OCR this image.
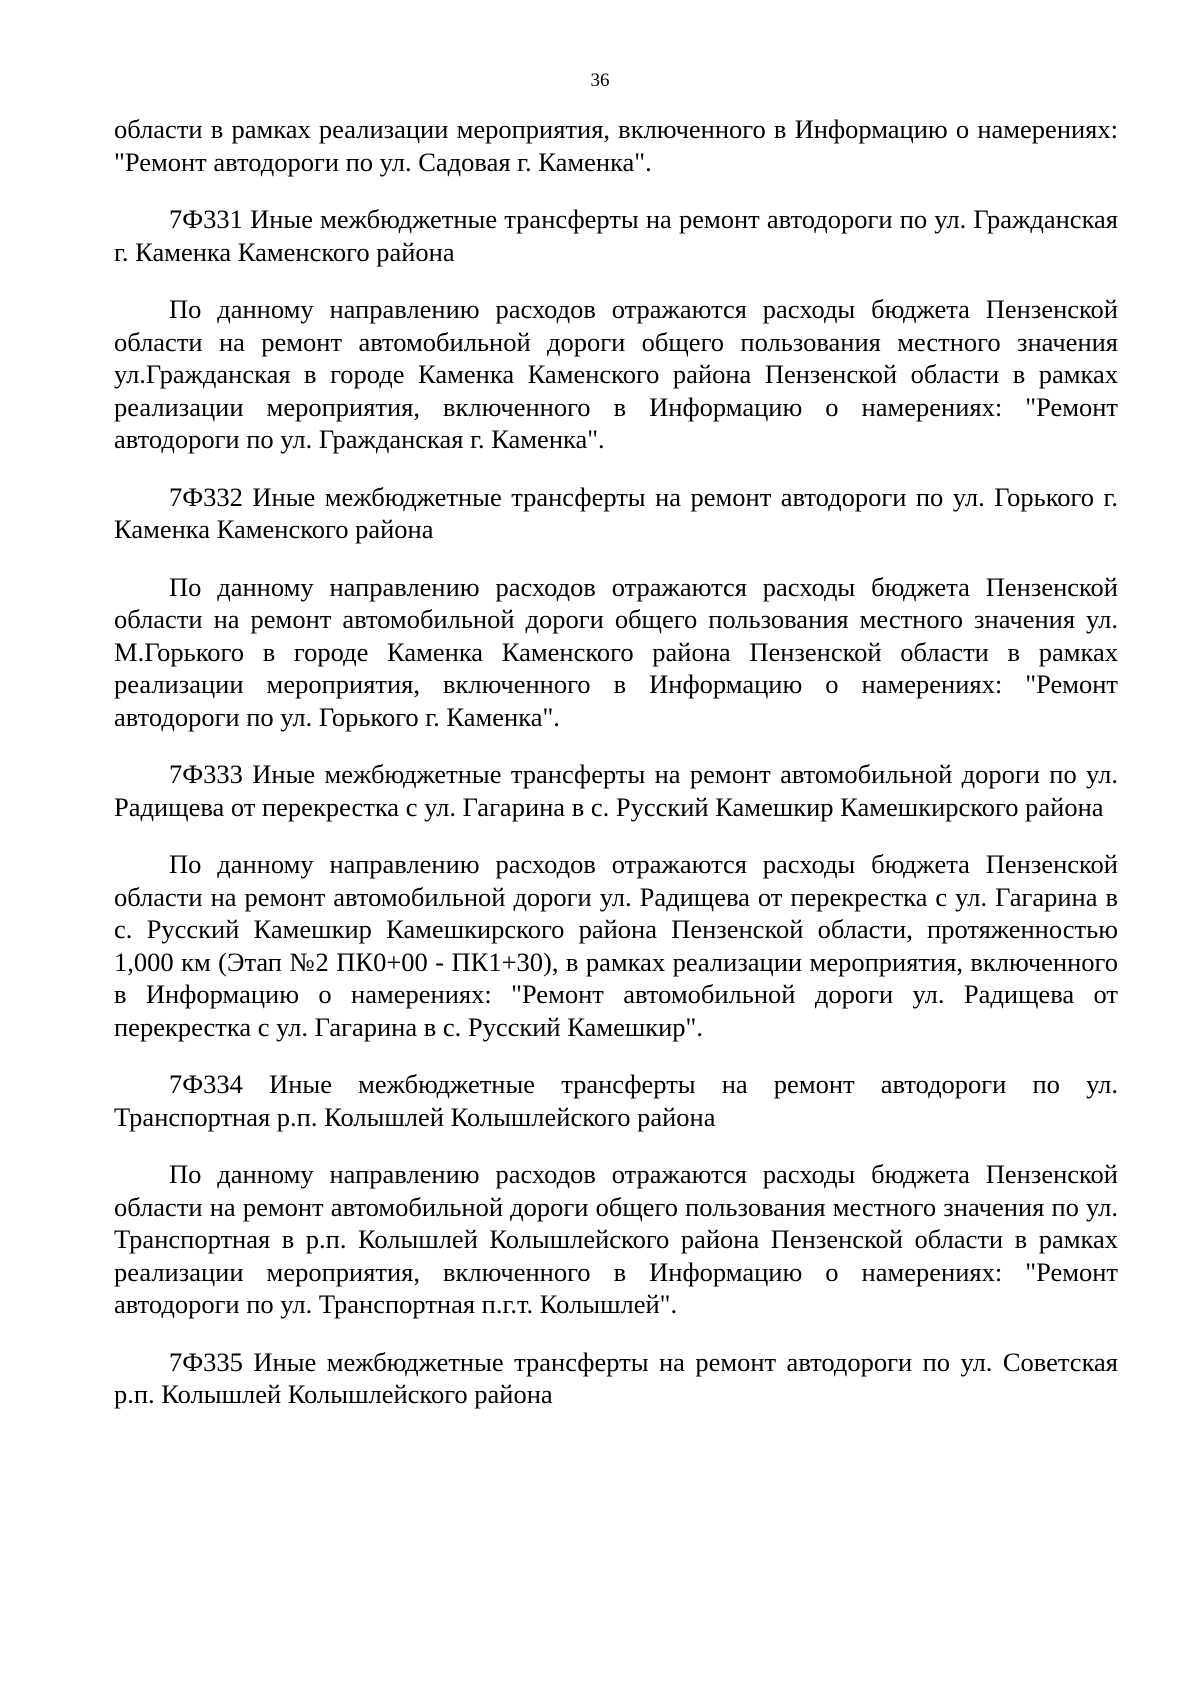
36

области в рамках реализации мероприятия, включенного в Информацию о намерениях: "Ремонт автодороги по ул. Садовая г. Каменка".

7Ф331 Иные межбюджетные трансферты на ремонт автодороги по ул. Гражданская г. Каменка Каменского района

По данному направлению расходов отражаются расходы бюджета Пензенской области на ремонт автомобильной дороги общего пользования местного значения ул.Гражданская в городе Каменка Каменского района Пензенской области в рамках реализации мероприятия, включенного в Информацию о намерениях: "Ремонт автодороги по ул. Гражданская г. Каменка".

7Ф332 Иные межбюджетные трансферты на ремонт автодороги по ул. Горького г. Каменка Каменского района

По данному направлению расходов отражаются расходы бюджета Пензенской области на ремонт автомобильной дороги общего пользования местного значения ул. М.Горького в городе Каменка Каменского района Пензенской области в рамках реализации мероприятия, включенного в Информацию о намерениях: "Ремонт автодороги по ул. Горького г. Каменка".

7Ф333 Иные межбюджетные трансферты на ремонт автомобильной дороги по ул. Радищева от перекрестка с ул. Гагарина в с. Русский Камешкир Камешкирского района

По данному направлению расходов отражаются расходы бюджета Пензенской области на ремонт автомобильной дороги ул. Радищева от перекрестка с ул. Гагарина в с. Русский Камешкир Камешкирского района Пензенской области, протяженностью 1,000 км (Этап №2 ПК0+00 - ПК1+30), в рамках реализации мероприятия, включенного в Информацию о намерениях: "Ремонт автомобильной дороги ул. Радищева от перекрестка с ул. Гагарина в с. Русский Камешкир".

7Ф334 Иные межбюджетные трансферты на ремонт автодороги по ул. Транспортная р.п. Колышлей Колышлейского района

По данному направлению расходов отражаются расходы бюджета Пензенской области на ремонт автомобильной дороги общего пользования местного значения по ул. Транспортная в р.п. Колышлей Колышлейского района Пензенской области в рамках реализации мероприятия, включенного в Информацию о намерениях: "Ремонт автодороги по ул. Транспортная п.г.т. Колышлей".

7Ф335 Иные межбюджетные трансферты на ремонт автодороги по ул. Советская р.п. Колышлей Колышлейского района
